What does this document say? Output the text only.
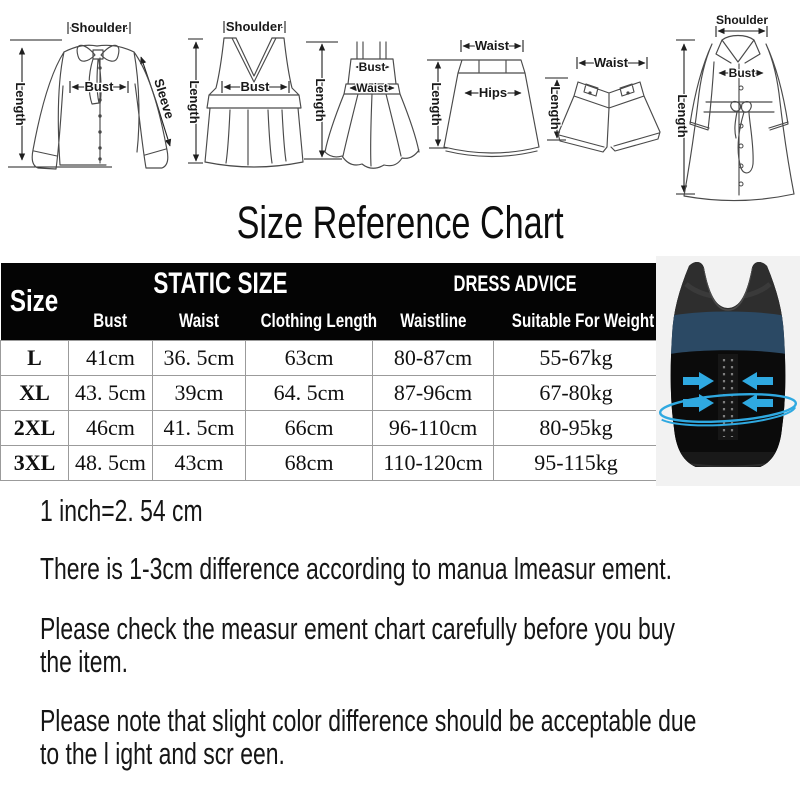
Shoulder
Bust
Length	Sleeve
Shoulder
Bust
Length
Bust
Waist
Length
Waist
Hips
Length
Waist
Length
Shoulder
Bust
Length
Size Reference Chart
Size	STATIC SIZE			DRESS ADVICE	
	Bust	Waist	Clothing Length	Waistline	Suitable For Weight
L	41cm	36. 5cm	63cm	80-87cm	55-67kg
XL	43. 5cm	39cm	64. 5cm	87-96cm	67-80kg
2XL	46cm	41. 5cm	66cm	96-110cm	80-95kg
3XL	48. 5cm	43cm	68cm	110-120cm	95-115kg
1 inch=2. 54 cm
There is 1-3cm difference according to manua lmeasur ement.
Please check the measur ement chart carefully before you buy
the item.
Please note that slight color difference should be acceptable due
to the l ight and scr een.
